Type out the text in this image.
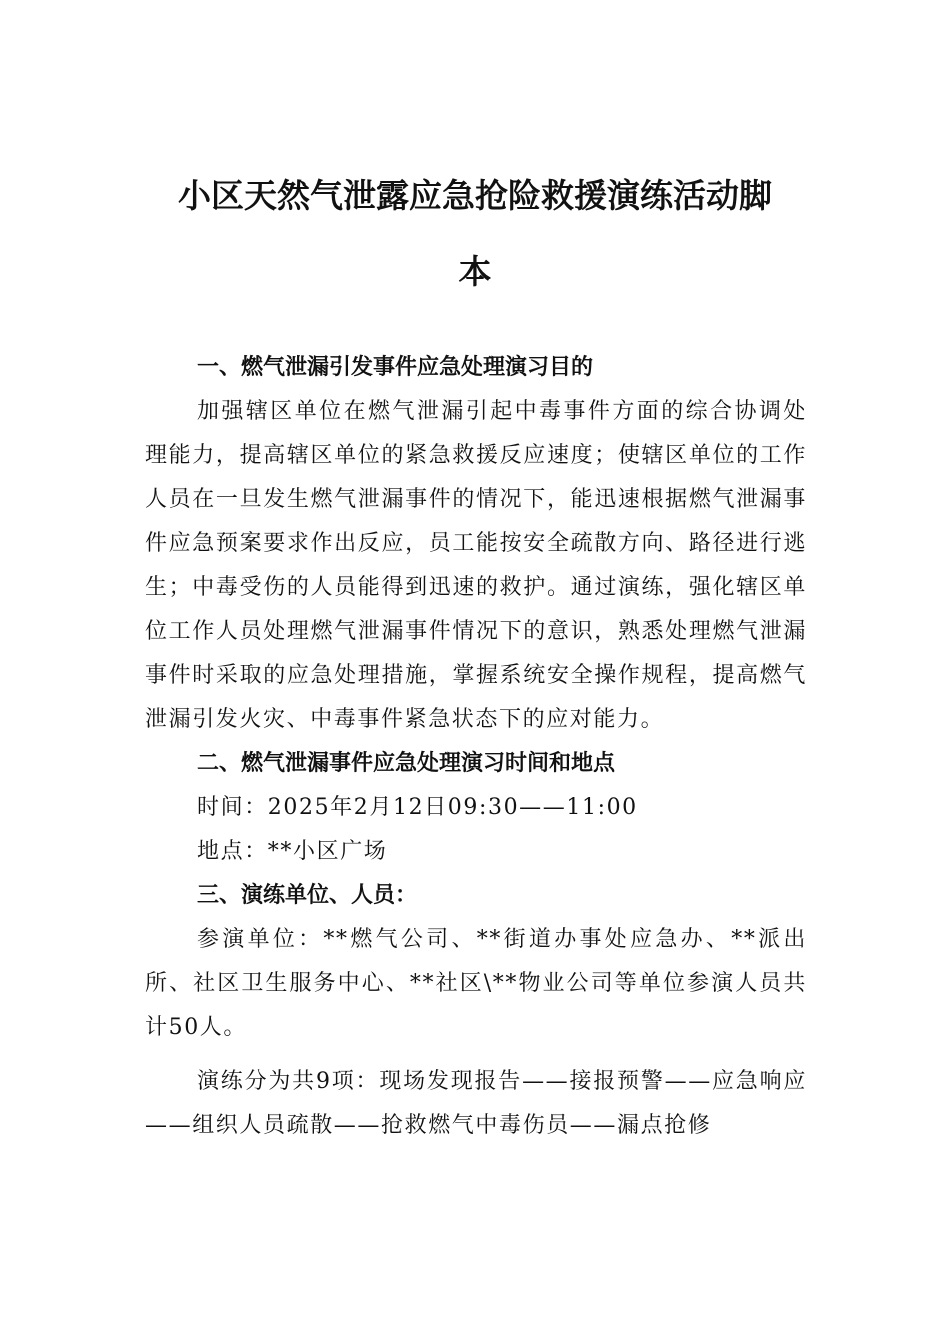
小区天然气泄露应急抢险救援演练活动脚
本

一、燃气泄漏引发事件应急处理演习目的

加强辖区单位在燃气泄漏引起中毒事件方面的综合协调处理能力，提高辖区单位的紧急救援反应速度；使辖区单位的工作人员在一旦发生燃气泄漏事件的情况下，能迅速根据燃气泄漏事件应急预案要求作出反应，员工能按安全疏散方向、路径进行逃生；中毒受伤的人员能得到迅速的救护。通过演练，强化辖区单位工作人员处理燃气泄漏事件情况下的意识，熟悉处理燃气泄漏事件时采取的应急处理措施，掌握系统安全操作规程，提高燃气泄漏引发火灾、中毒事件紧急状态下的应对能力。

二、燃气泄漏事件应急处理演习时间和地点

时间：2025年2月12日09:30——11:00

地点：**小区广场

三、演练单位、人员：

参演单位：**燃气公司、**街道办事处应急办、**派出所、社区卫生服务中心、**社区\**物业公司等单位参演人员共计50人。

演练分为共9项：现场发现报告——接报预警——应急响应——组织人员疏散——抢救燃气中毒伤员——漏点抢修
